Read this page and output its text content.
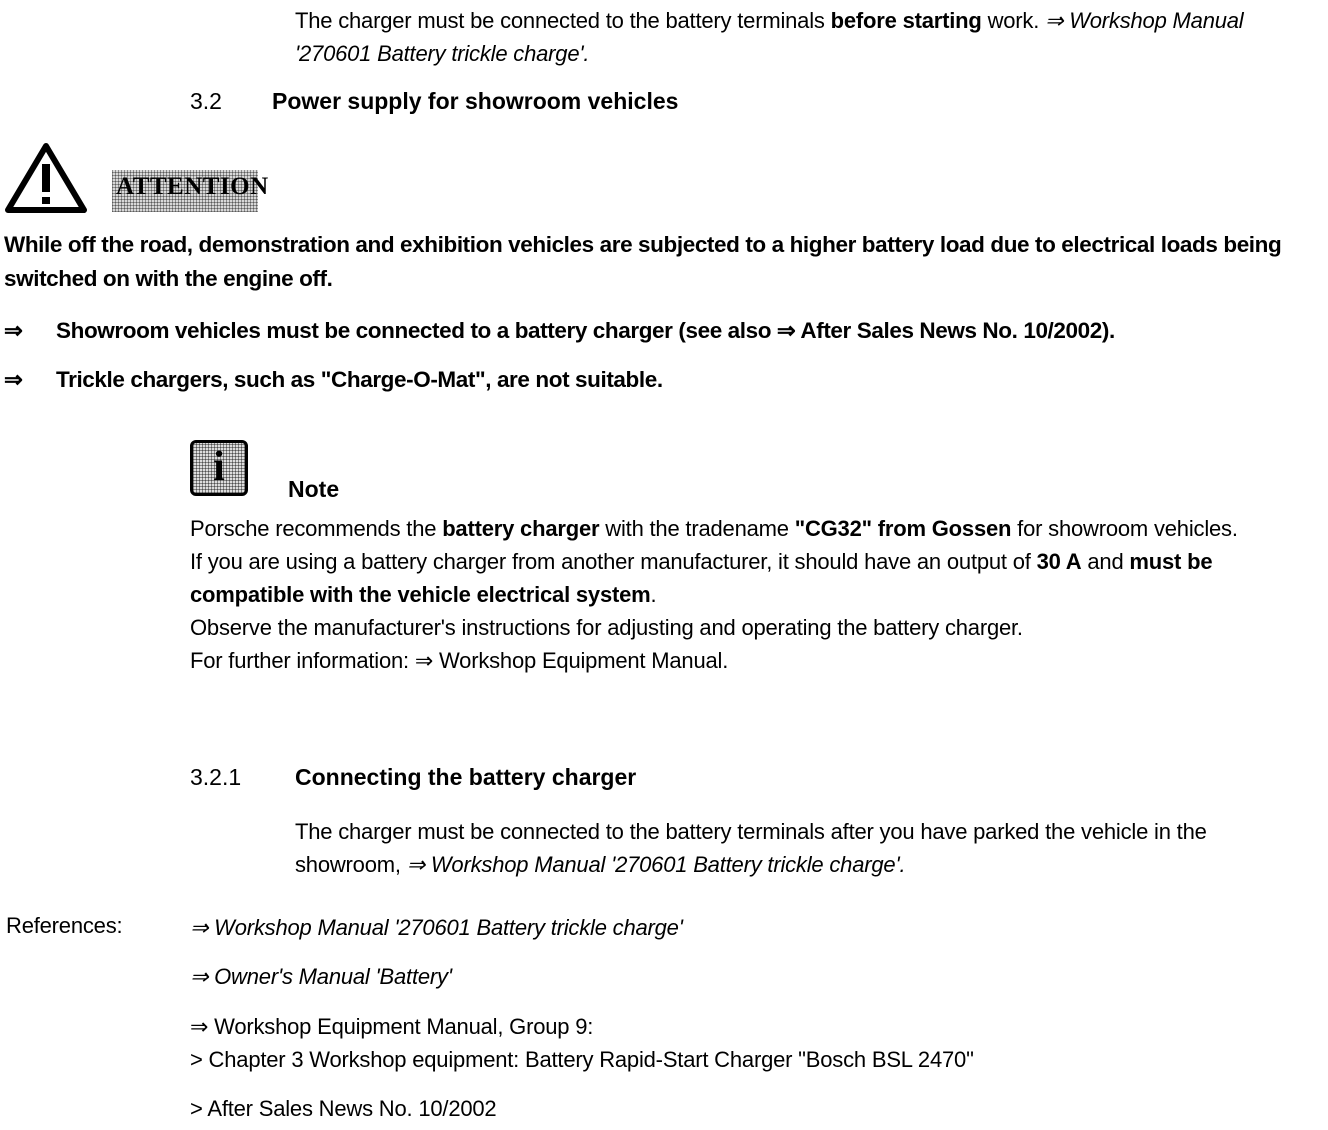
The charger must be connected to the battery terminals before starting work. ⇒ Workshop Manual '270601 Battery trickle charge'.

3.2 Power supply for showroom vehicles
ATTENTION

While off the road, demonstration and exhibition vehicles are subjected to a higher battery load due to electrical loads being switched on with the engine off.

⇒ Showroom vehicles must be connected to a battery charger (see also ⇒ After Sales News No. 10/2002).
⇒ Trickle chargers, such as "Charge-O-Mat", are not suitable.
i	Note
Porsche recommends the battery charger with the tradename "CG32" from Gossen for showroom vehicles.
If you are using a battery charger from another manufacturer, it should have an output of 30 A and must be compatible with the vehicle electrical system.
Observe the manufacturer's instructions for adjusting and operating the battery charger.
For further information: ⇒ Workshop Equipment Manual.
3.2.1 Connecting the battery charger

The charger must be connected to the battery terminals after you have parked the vehicle in the showroom, ⇒ Workshop Manual '270601 Battery trickle charge'.

References:	⇒ Workshop Manual '270601 Battery trickle charge'
⇒ Owner's Manual 'Battery'
⇒ Workshop Equipment Manual, Group 9:
> Chapter 3 Workshop equipment: Battery Rapid-Start Charger "Bosch BSL 2470"
> After Sales News No. 10/2002
